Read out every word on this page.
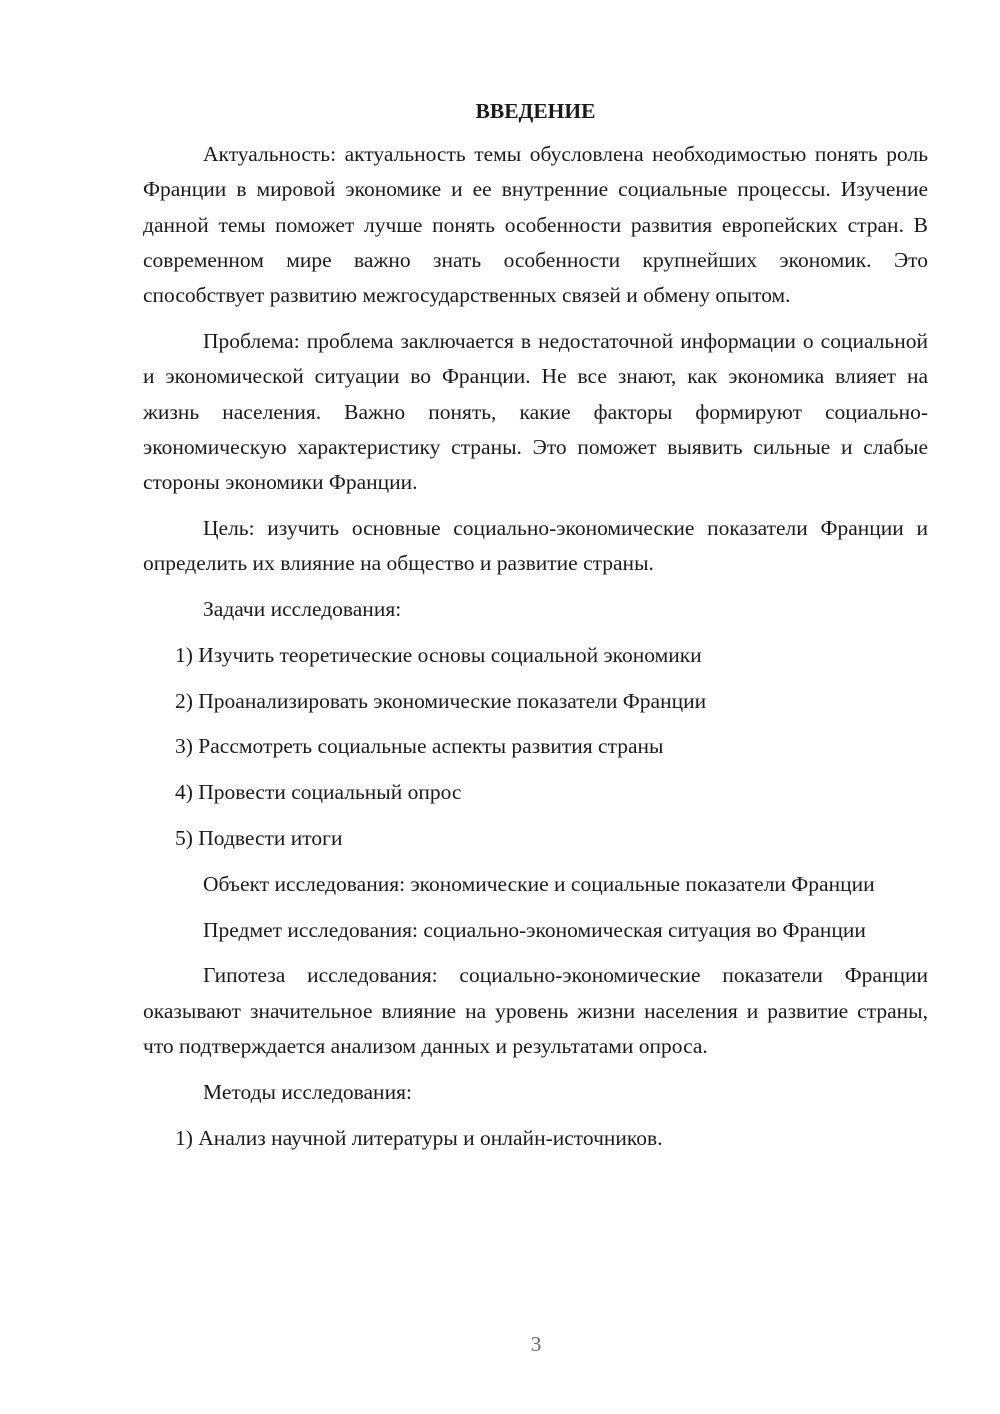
ВВЕДЕНИЕ

Актуальность: актуальность темы обусловлена необходимостью понять роль Франции в мировой экономике и ее внутренние социальные процессы. Изучение данной темы поможет лучше понять особенности развития европейских стран. В современном мире важно знать особенности крупнейших экономик. Это способствует развитию межгосударственных связей и обмену опытом.

Проблема: проблема заключается в недостаточной информации о социальной и экономической ситуации во Франции. Не все знают, как экономика влияет на жизнь населения. Важно понять, какие факторы формируют социально-экономическую характеристику страны. Это поможет выявить сильные и слабые стороны экономики Франции.

Цель: изучить основные социально-экономические показатели Франции и определить их влияние на общество и развитие страны.

Задачи исследования:

1) Изучить теоретические основы социальной экономики
2) Проанализировать экономические показатели Франции
3) Рассмотреть социальные аспекты развития страны
4) Провести социальный опрос
5) Подвести итоги

Объект исследования: экономические и социальные показатели Франции

Предмет исследования: социально-экономическая ситуация во Франции

Гипотеза исследования: социально-экономические показатели Франции оказывают значительное влияние на уровень жизни населения и развитие страны, что подтверждается анализом данных и результатами опроса.

Методы исследования:

1) Анализ научной литературы и онлайн-источников.
3
